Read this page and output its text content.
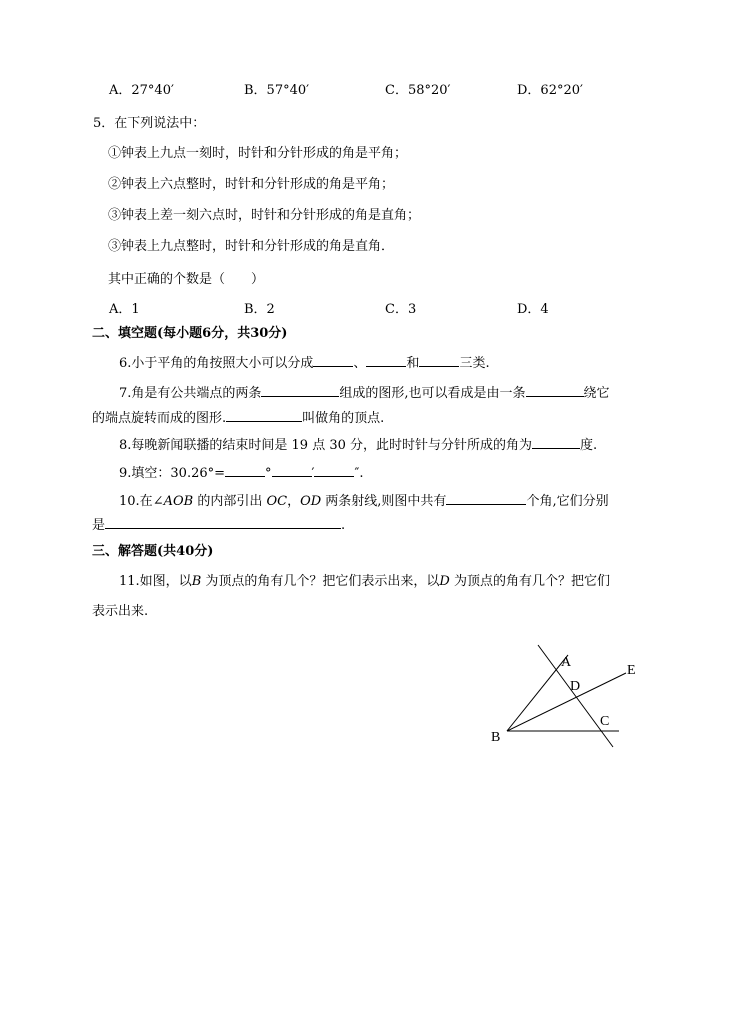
A．27°40′	B．57°40′	C．58°20′	D．62°20′
5．在下列说法中：
①钟表上九点一刻时，时针和分针形成的角是平角；
②钟表上六点整时，时针和分针形成的角是平角；
③钟表上差一刻六点时，时针和分针形成的角是直角；
③钟表上九点整时，时针和分针形成的角是直角．
其中正确的个数是（　　）
A．1	B．2	C．3	D．4
二、填空题(每小题6分，共30分)
6.小于平角的角按照大小可以分成	、	和	三类.
7.角是有公共端点的两条	组成的图形,也可以看成是由一条	绕它
的端点旋转而成的图形.	叫做角的顶点.
8.每晚新闻联播的结束时间是 19 点 30 分，此时时针与分针所成的角为	度.
9.填空：30.26°=	°	′	″.
10.在∠AOB 的内部引出 OC，OD 两条射线,则图中共有	个角,它们分别
是	.
三、解答题(共40分)
11.如图，以B 为顶点的角有几个？把它们表示出来，以D 为顶点的角有几个？把它们
表示出来.
A
D
E
C
B
